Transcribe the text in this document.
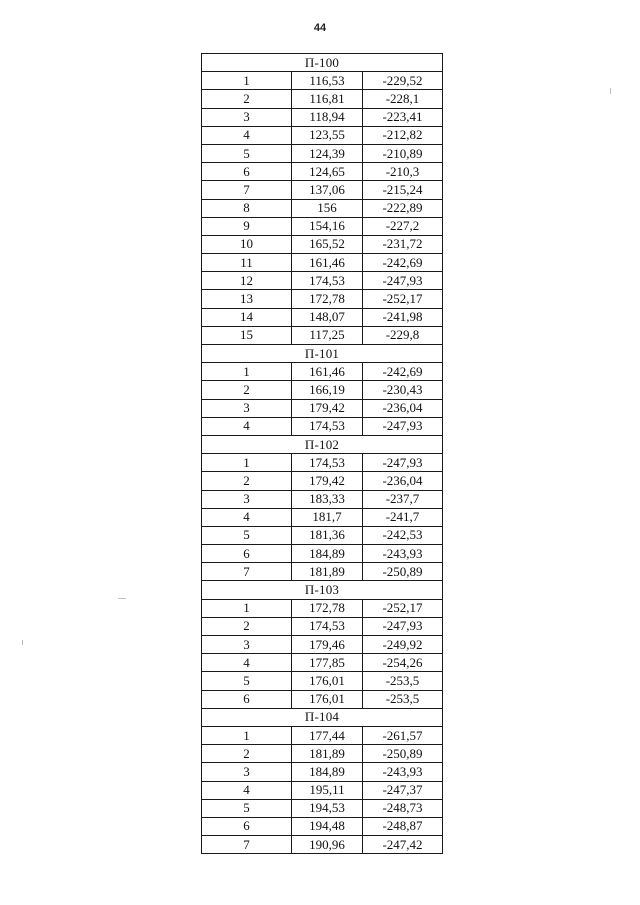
44
П-100		
1	116,53	-229,52
2	116,81	-228,1
3	118,94	-223,41
4	123,55	-212,82
5	124,39	-210,89
6	124,65	-210,3
7	137,06	-215,24
8	156	-222,89
9	154,16	-227,2
10	165,52	-231,72
11	161,46	-242,69
12	174,53	-247,93
13	172,78	-252,17
14	148,07	-241,98
15	117,25	-229,8
П-101		
1	161,46	-242,69
2	166,19	-230,43
3	179,42	-236,04
4	174,53	-247,93
П-102		
1	174,53	-247,93
2	179,42	-236,04
3	183,33	-237,7
4	181,7	-241,7
5	181,36	-242,53
6	184,89	-243,93
7	181,89	-250,89
П-103		
1	172,78	-252,17
2	174,53	-247,93
3	179,46	-249,92
4	177,85	-254,26
5	176,01	-253,5
6	176,01	-253,5
П-104		
1	177,44	-261,57
2	181,89	-250,89
3	184,89	-243,93
4	195,11	-247,37
5	194,53	-248,73
6	194,48	-248,87
7	190,96	-247,42
